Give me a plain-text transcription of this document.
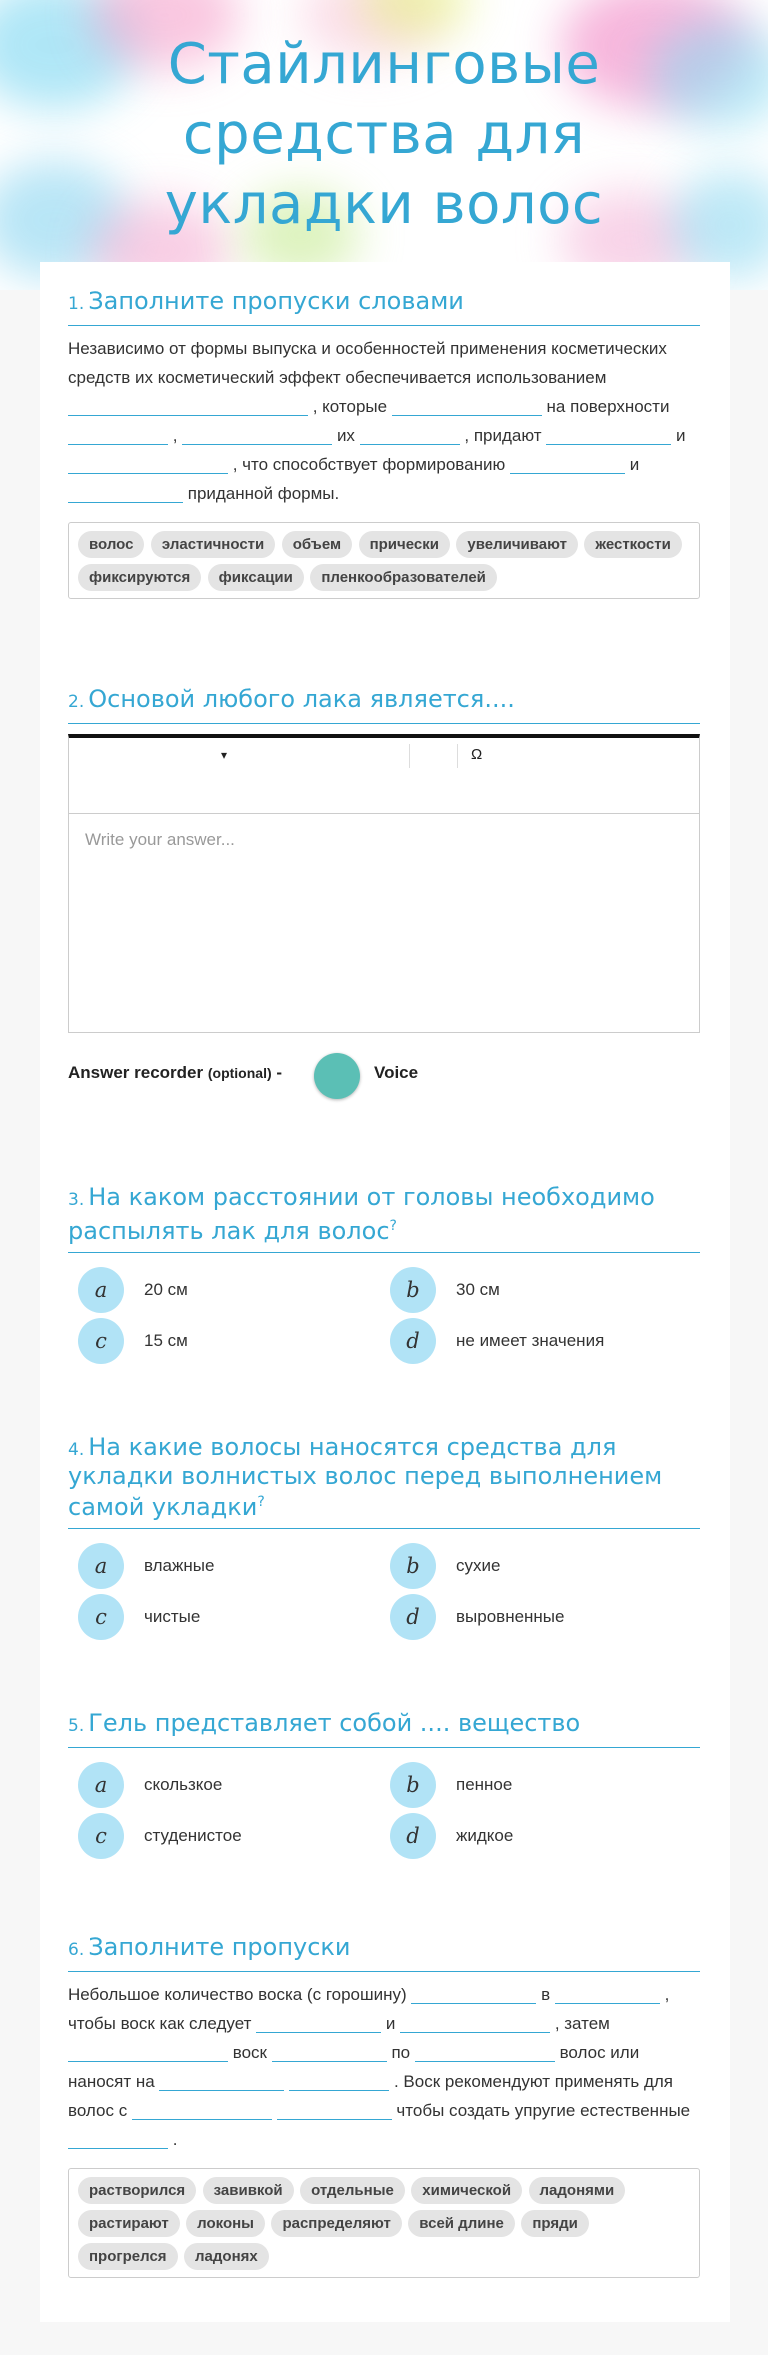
Стайлинговые
средства для
укладки волос
1. Заполните пропуски словами
Независимо от формы выпуска и особенностей применения косметических средств их косметический эффект обеспечивается использованием  , которые	на поверхности  ,	их	, придают	и  , что способствует формированию	и  приданной формы.
волос эластичности объем прически увеличивают жесткости фиксируются фиксации пленкообразователей
2. Основой любого лака является....
▾	Ω
Write your answer...
Answer recorder (optional) -	Voice
3. На каком расстоянии от головы необходимо распылять лак для волос?
a	20 см	b	30 см
c	15 см	d	не имеет значения
4. На какие волосы наносятся средства для укладки волнистых волос перед выполнением самой укладки?
a	влажные	b	сухие
c	чистые	d	выровненные
5. Гель представляет собой .... вещество
a	скользкое	b	пенное
c	студенистое	d	жидкое
6. Заполните пропуски
Небольшое количество воска (с горошину)	в	, чтобы воск как следует	и	, затем  воск	по	волос или наносят на	. Воск рекомендуют применять для волос с	чтобы создать упругие естественные  .
растворился завивкой отдельные химической ладонями растирают локоны распределяют всей длине пряди прогрелся ладонях
